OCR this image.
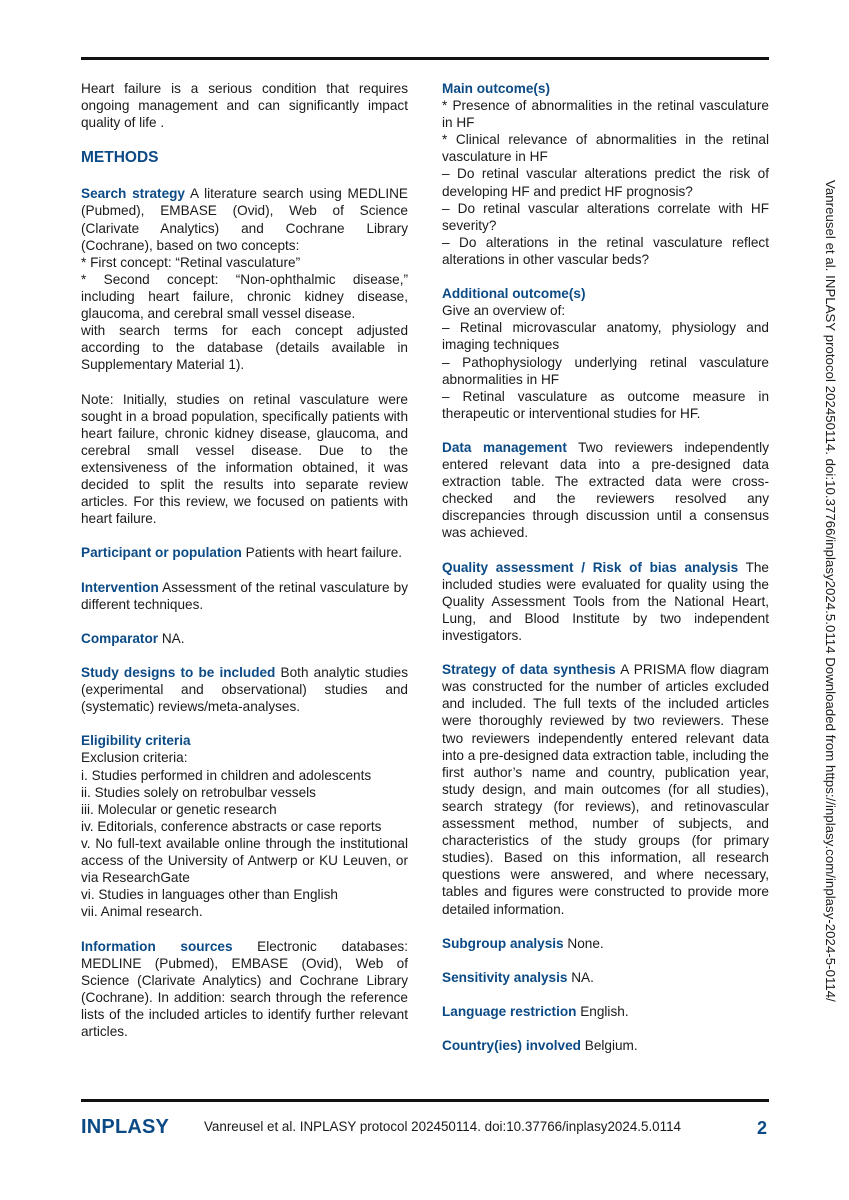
Heart failure is a serious condition that requires ongoing management and can significantly impact quality of life .

METHODS
Search strategy A literature search using MEDLINE (Pubmed), EMBASE (Ovid), Web of Science (Clarivate Analytics) and Cochrane Library (Cochrane), based on two concepts:
* First concept: “Retinal vasculature”
* Second concept: “Non-ophthalmic disease,” including heart failure, chronic kidney disease, glaucoma, and cerebral small vessel disease.
with search terms for each concept adjusted according to the database (details available in Supplementary Material 1).

Note: Initially, studies on retinal vasculature were sought in a broad population, specifically patients with heart failure, chronic kidney disease, glaucoma, and cerebral small vessel disease. Due to the extensiveness of the information obtained, it was decided to split the results into separate review articles. For this review, we focused on patients with heart failure.

Participant or population Patients with heart failure.

Intervention Assessment of the retinal vasculature by different techniques.

Comparator NA.

Study designs to be included Both analytic studies (experimental and observational) studies and (systematic) reviews/meta-analyses.

Eligibility criteria
Exclusion criteria:
i. Studies performed in children and adolescents
ii. Studies solely on retrobulbar vessels
iii. Molecular or genetic research
iv. Editorials, conference abstracts or case reports
v. No full-text available online through the institutional access of the University of Antwerp or KU Leuven, or via ResearchGate
vi. Studies in languages other than English
vii. Animal research.

Information sources Electronic databases: MEDLINE (Pubmed), EMBASE (Ovid), Web of Science (Clarivate Analytics) and Cochrane Library (Cochrane). In addition: search through the reference lists of the included articles to identify further relevant articles.

Main outcome(s)
* Presence of abnormalities in the retinal vasculature in HF
* Clinical relevance of abnormalities in the retinal vasculature in HF
– Do retinal vascular alterations predict the risk of developing HF and predict HF prognosis?
– Do retinal vascular alterations correlate with HF severity?
– Do alterations in the retinal vasculature reflect alterations in other vascular beds?
Additional outcome(s)
Give an overview of:
– Retinal microvascular anatomy, physiology and imaging techniques
– Pathophysiology underlying retinal vasculature abnormalities in HF
– Retinal vasculature as outcome measure in therapeutic or interventional studies for HF.

Data management Two reviewers independently entered relevant data into a pre-designed data extraction table. The extracted data were cross-checked and the reviewers resolved any discrepancies through discussion until a consensus was achieved.

Quality assessment / Risk of bias analysis The included studies were evaluated for quality using the Quality Assessment Tools from the National Heart, Lung, and Blood Institute by two independent investigators.

Strategy of data synthesis A PRISMA flow diagram was constructed for the number of articles excluded and included. The full texts of the included articles were thoroughly reviewed by two reviewers. These two reviewers independently entered relevant data into a pre-designed data extraction table, including the first author’s name and country, publication year, study design, and main outcomes (for all studies), search strategy (for reviews), and retinovascular assessment method, number of subjects, and characteristics of the study groups (for primary studies). Based on this information, all research questions were answered, and where necessary, tables and figures were constructed to provide more detailed information.

Subgroup analysis None.

Sensitivity analysis NA.

Language restriction English.

Country(ies) involved Belgium.

Vanreusel et al. INPLASY protocol 202450114. doi:10.37766/inplasy2024.5.0114 Downloaded from https://inplasy.com/inplasy-2024-5-0114/
INPLASY	Vanreusel et al. INPLASY protocol 202450114. doi:10.37766/inplasy2024.5.0114	2
